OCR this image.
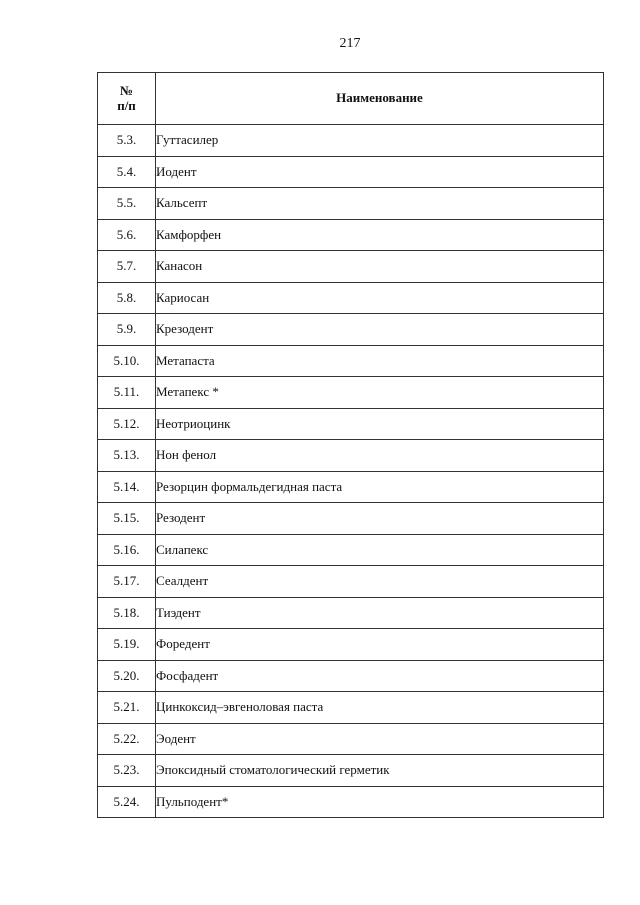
217
№
п/п	Наименование
5.3.	Гуттасилер
5.4.	Иодент
5.5.	Кальсепт
5.6.	Камфорфен
5.7.	Канасон
5.8.	Кариосан
5.9.	Крезодент
5.10.	Метапаста
5.11.	Метапекс *
5.12.	Неотриоцинк
5.13.	Нон фенол
5.14.	Резорцин формальдегидная паста
5.15.	Резодент
5.16.	Силапекс
5.17.	Сеалдент
5.18.	Тиэдент
5.19.	Форедент
5.20.	Фосфадент
5.21.	Цинкоксид–эвгеноловая паста
5.22.	Эодент
5.23.	Эпоксидный стоматологический герметик
5.24.	Пульподент*
